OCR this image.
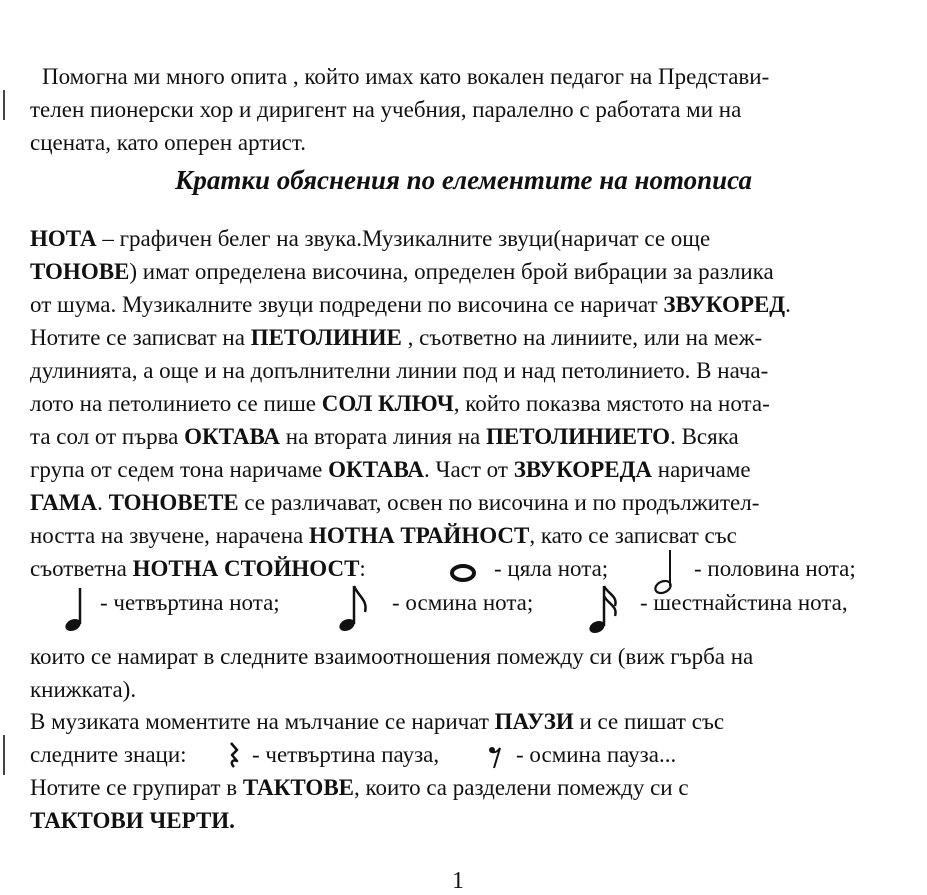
Помогна ми много опита , който имах като вокален педагог на Представи-
телен пионерски хор и диригент на учебния, паралелно с работата ми на
сцената, като оперен артист.
Кратки обяснения по елементите на нотописа
НОТА – графичен белег на звука.Музикалните звуци(наричат се още
ТОНОВЕ) имат определена височина, определен брой вибрации за разлика
от шума. Музикалните звуци подредени по височина се наричат ЗВУКОРЕД.
Нотите се записват на ПЕТОЛИНИЕ , съответно на линиите, или на меж-
дулинията, а още и на допълнителни линии под и над петолинието. В нача-
лото на петолинието се пише СОЛ КЛЮЧ, който показва мястото на нота-
та сол от първа ОКТАВА на втората линия на ПЕТОЛИНИЕТО. Всяка
група от седем тона наричаме ОКТАВА. Част от ЗВУКОРЕДА наричаме
ГАМА. ТОНОВЕТЕ се различават, освен по височина и по продължител-
ността на звучене, нарачена НОТНА ТРАЙНОСТ, като се записват със
съответна НОТНА СТОЙНОСТ:	- цяла нота;	- половина нота;
- четвъртина нота;	- осмина нота;	- шестнайстина нота,
които се намират в следните взаимоотношения помежду си (виж гърба на
книжката).
В музиката моментите на мълчание се наричат ПАУЗИ и се пишат със
следните знаци:	- четвъртина пауза,	- осмина пауза...
Нотите се групират в ТАКТОВЕ, които са разделени помежду си с
ТАКТОВИ ЧЕРТИ.
1
